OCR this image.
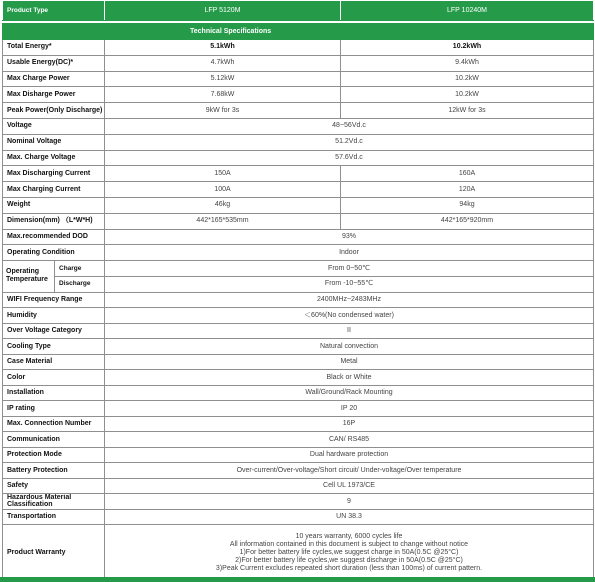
Product Type		LFP 5120M	LFP 10240M

		Technical Specifications	
Total Energy*		5.1kWh	10.2kWh
Usable Energy(DC)*		4.7kWh	9.4kWh
Max Charge Power		5.12kW	10.2kW
Max Disharge Power		7.68kW	10.2kW
Peak Power(Only Discharge)		9kW for 3s	12kW for 3s
Voltage		48~56Vd.c	
Nominal Voltage		51.2Vd.c	
Max. Charge Voltage		57.6Vd.c	
Max Discharging Current		150A	160A
Max Charging Current		100A	120A
Weight		46kg	94kg
Dimension(mm) （L*W*H)		442*165*535mm	442*165*920mm
Max.recommended DOD		93%	
Operating Condition		Indoor	
Operating Temperature	Charge	From 0~50℃	
	Discharge	From -10~55℃	
WIFI Frequency Range		2400MHz~2483MHz	
Humidity		＜60%(No condensed water)	
Over Voltage Category		II	
Cooling Type		Natural convection	
Case Material		Metal	
Color		Black or White	
Installation		Wall/Ground/Rack Mounting	
IP rating		IP 20	
Max. Connection Number		16P	
Communication		CAN/ RS485	
Protection Mode		Dual hardware protection	
Battery Protection		Over-current/Over-voltage/Short circuit/ Under-voltage/Over temperature	
Safety		Cell UL 1973/CE	
Hazardous Material Classification		9	
Transportation		UN 38.3	
Product Warranty		10 years warranty, 6000 cycles life
All information contained in this document is subject to change without notice
1)For better battery life cycles,we suggest charge in 50A(0.5C @25°C)
2)For better battery life cycles,we suggest discharge in 50A(0.5C @25°C)
3)Peak Current excludes repeated short duration (less than 100ms) of current pattern.	
